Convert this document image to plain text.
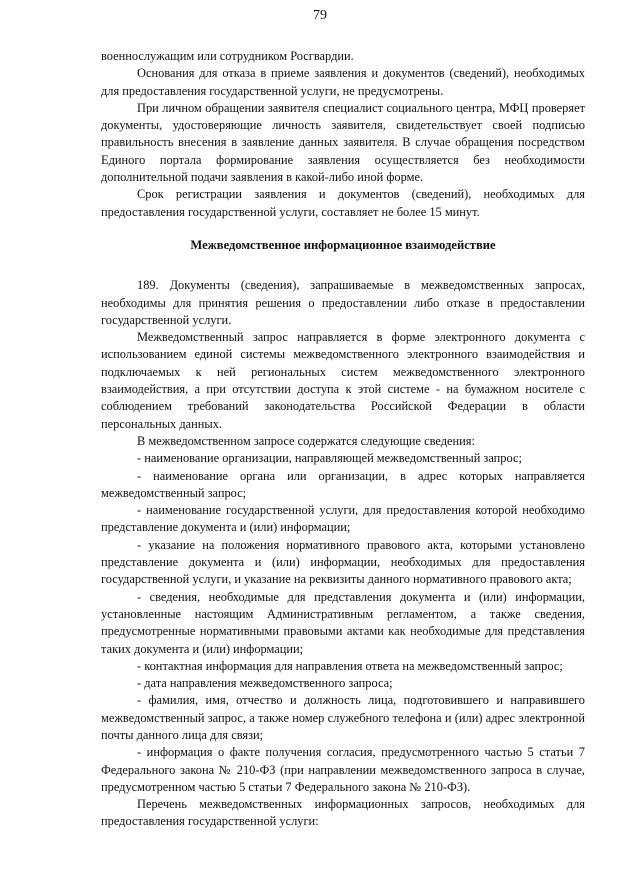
79

военнослужащим или сотрудником Росгвардии.

Основания для отказа в приеме заявления и документов (сведений), необходимых для предоставления государственной услуги, не предусмотрены.

При личном обращении заявителя специалист социального центра, МФЦ проверяет документы, удостоверяющие личность заявителя, свидетельствует своей подписью правильность внесения в заявление данных заявителя. В случае обращения посредством Единого портала формирование заявления осуществляется без необходимости дополнительной подачи заявления в какой-либо иной форме.

Срок регистрации заявления и документов (сведений), необходимых для предоставления государственной услуги, составляет не более 15 минут.

Межведомственное информационное взаимодействие

189. Документы (сведения), запрашиваемые в межведомственных запросах, необходимы для принятия решения о предоставлении либо отказе в предоставлении государственной услуги.

Межведомственный запрос направляется в форме электронного документа с использованием единой системы межведомственного электронного взаимодействия и подключаемых к ней региональных систем межведомственного электронного взаимодействия, а при отсутствии доступа к этой системе - на бумажном носителе с соблюдением требований законодательства Российской Федерации в области персональных данных.

В межведомственном запросе содержатся следующие сведения:

- наименование организации, направляющей межведомственный запрос;

- наименование органа или организации, в адрес которых направляется межведомственный запрос;

- наименование государственной услуги, для предоставления которой необходимо представление документа и (или) информации;

- указание на положения нормативного правового акта, которыми установлено представление документа и (или) информации, необходимых для предоставления государственной услуги, и указание на реквизиты данного нормативного правового акта;

- сведения, необходимые для представления документа и (или) информации, установленные настоящим Административным регламентом, а также сведения, предусмотренные нормативными правовыми актами как необходимые для представления таких документа и (или) информации;

- контактная информация для направления ответа на межведомственный запрос;

- дата направления межведомственного запроса;

- фамилия, имя, отчество и должность лица, подготовившего и направившего межведомственный запрос, а также номер служебного телефона и (или) адрес электронной почты данного лица для связи;

- информация о факте получения согласия, предусмотренного частью 5 статьи 7 Федерального закона № 210-ФЗ (при направлении межведомственного запроса в случае, предусмотренном частью 5 статьи 7 Федерального закона № 210-ФЗ).

Перечень межведомственных информационных запросов, необходимых для предоставления государственной услуги:
